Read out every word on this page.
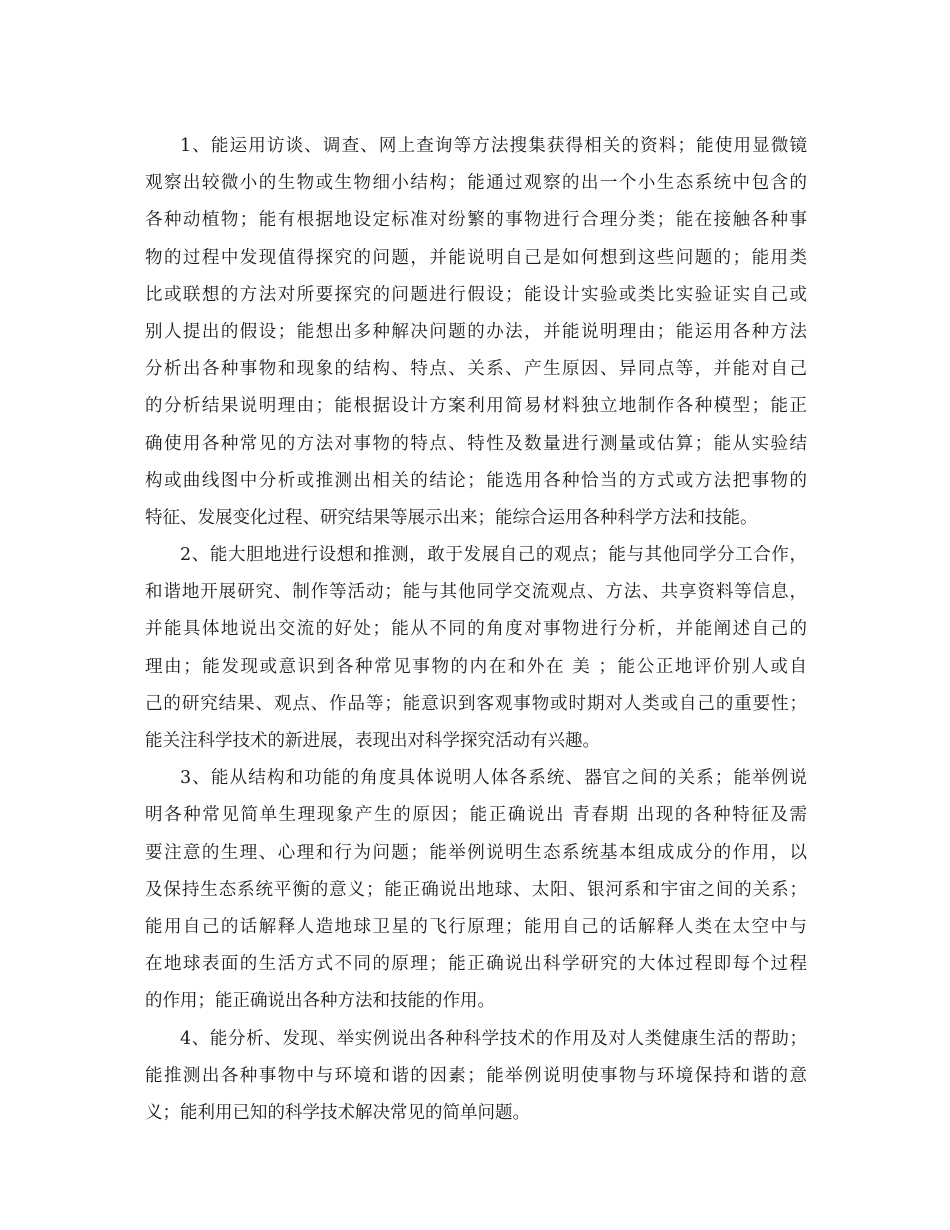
1、能运用访谈、调查、网上查询等方法搜集获得相关的资料；能使用显微镜
观察出较微小的生物或生物细小结构；能通过观察的出一个小生态系统中包含的
各种动植物；能有根据地设定标准对纷繁的事物进行合理分类；能在接触各种事
物的过程中发现值得探究的问题，并能说明自己是如何想到这些问题的；能用类
比或联想的方法对所要探究的问题进行假设；能设计实验或类比实验证实自己或
别人提出的假设；能想出多种解决问题的办法，并能说明理由；能运用各种方法
分析出各种事物和现象的结构、特点、关系、产生原因、异同点等，并能对自己
的分析结果说明理由；能根据设计方案利用简易材料独立地制作各种模型；能正
确使用各种常见的方法对事物的特点、特性及数量进行测量或估算；能从实验结
构或曲线图中分析或推测出相关的结论；能选用各种恰当的方式或方法把事物的
特征、发展变化过程、研究结果等展示出来；能综合运用各种科学方法和技能。
2、能大胆地进行设想和推测，敢于发展自己的观点；能与其他同学分工合作，
和谐地开展研究、制作等活动；能与其他同学交流观点、方法、共享资料等信息，
并能具体地说出交流的好处；能从不同的角度对事物进行分析，并能阐述自己的
理由；能发现或意识到各种常见事物的内在和外在 美 ；能公正地评价别人或自
己的研究结果、观点、作品等；能意识到客观事物或时期对人类或自己的重要性；
能关注科学技术的新进展，表现出对科学探究活动有兴趣。
3、能从结构和功能的角度具体说明人体各系统、器官之间的关系；能举例说
明各种常见简单生理现象产生的原因；能正确说出 青春期 出现的各种特征及需
要注意的生理、心理和行为问题；能举例说明生态系统基本组成成分的作用，以
及保持生态系统平衡的意义；能正确说出地球、太阳、银河系和宇宙之间的关系；
能用自己的话解释人造地球卫星的飞行原理；能用自己的话解释人类在太空中与
在地球表面的生活方式不同的原理；能正确说出科学研究的大体过程即每个过程
的作用；能正确说出各种方法和技能的作用。
4、能分析、发现、举实例说出各种科学技术的作用及对人类健康生活的帮助；
能推测出各种事物中与环境和谐的因素；能举例说明使事物与环境保持和谐的意
义；能利用已知的科学技术解决常见的简单问题。
